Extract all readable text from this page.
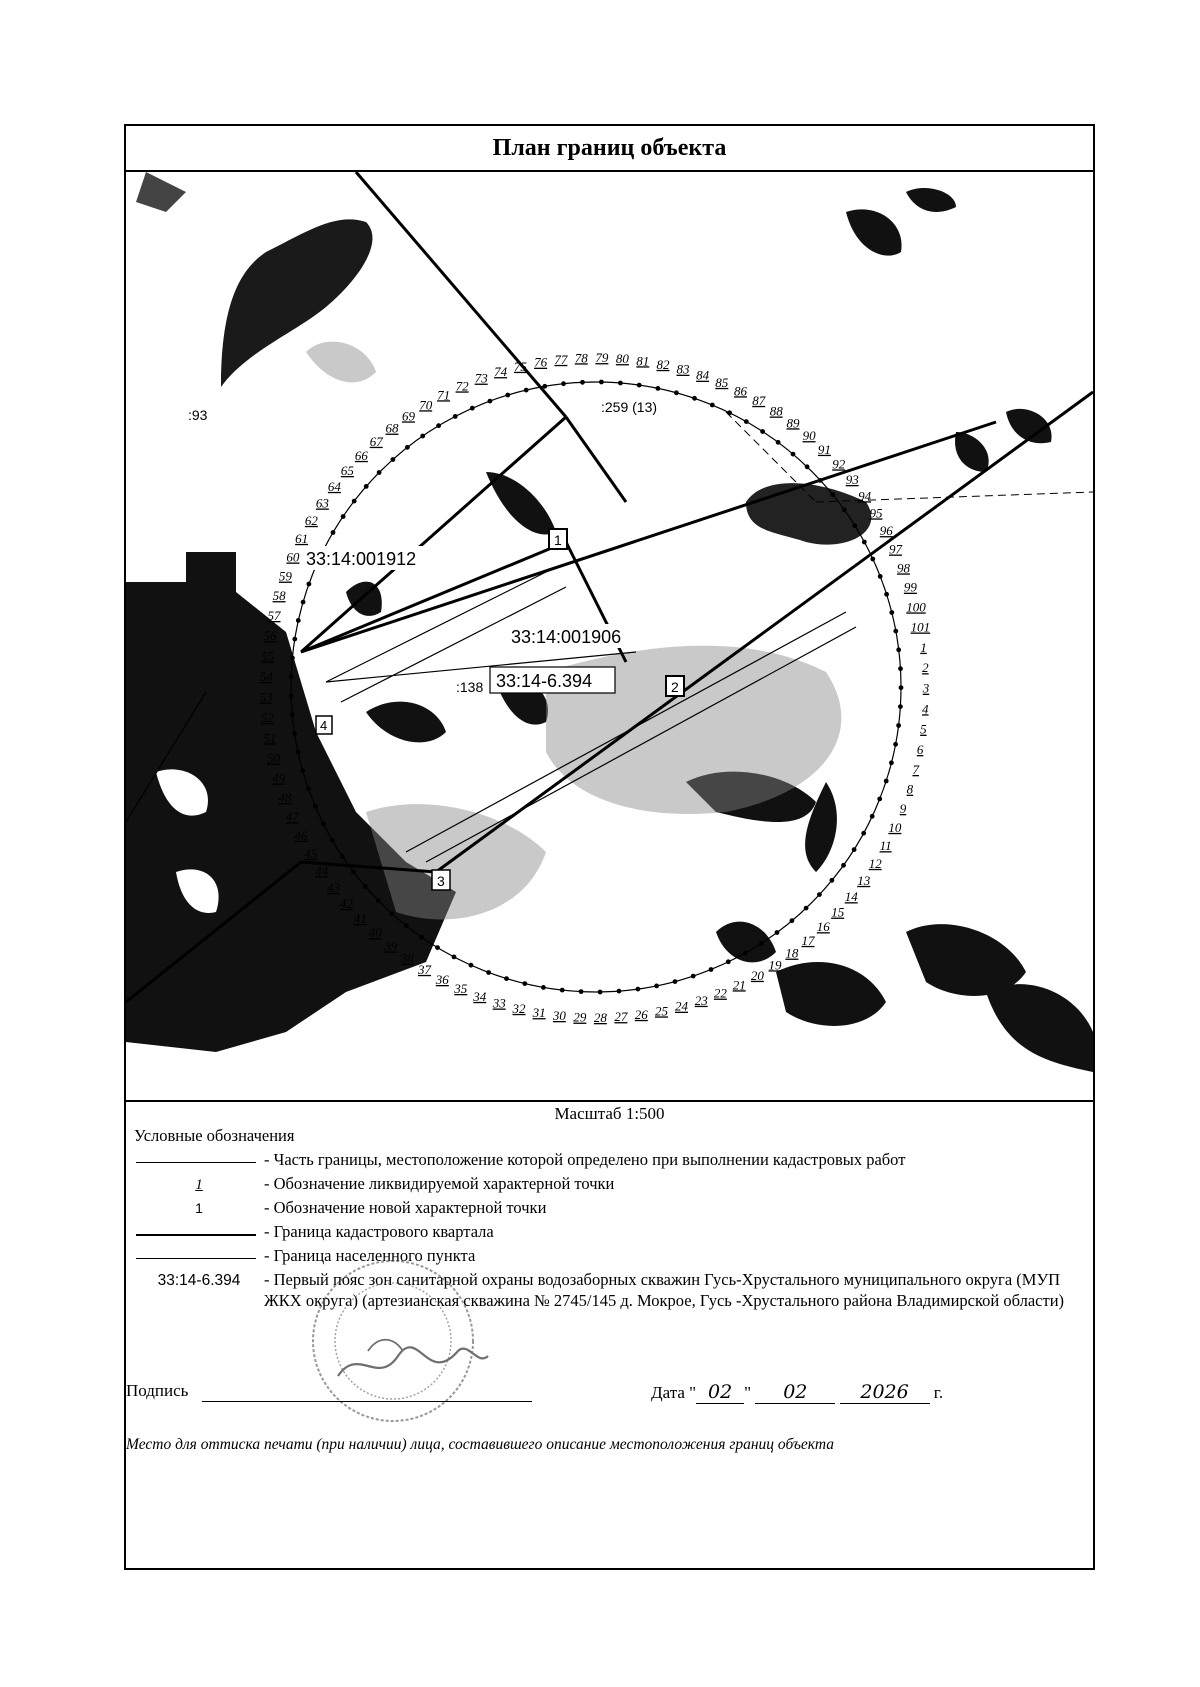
План границ объекта
1
2
3
4
5
6
7
8
9
10
11
12
13
14
15
16
17
18
19
20
21
22
23
24
25
26
27
28
29
30
31
32
33
34
35
36
37
38
39
40
41
42
43
44
45
46
47
48
49
50
51
52
53
54
55
56
57
58
59
60
61
62
63
64
65
66
67
68
69
70
71
72
73 74 75 76 77 78 79 80 81 82 83 84 85
86
87
88
89
90
91
92
93
94
95
96
97
98
99
100
101
:93	:259 (13)
:138
33:14:001912
33:14:001906
33:14-6.394
1
2
3
4
Масштаб 1:500
Условные обозначения
- Часть границы, местоположение которой определено при выполнении кадастровых работ
1	- Обозначение ликвидируемой характерной точки
1	- Обозначение новой характерной точки
- Граница кадастрового квартала
- Граница населенного пункта
33:14-6.394	- Первый пояс зон санитарной охраны водозаборных скважин Гусь-Хрустального муниципального округа (МУП ЖКХ округа) (артезианская скважина № 2745/145 д. Мокрое, Гусь -Хрустального района Владимирской области)
Подпись	Дата " 02 " 02	2026 г.
Место для оттиска печати (при наличии) лица, составившего описание местоположения границ объекта
